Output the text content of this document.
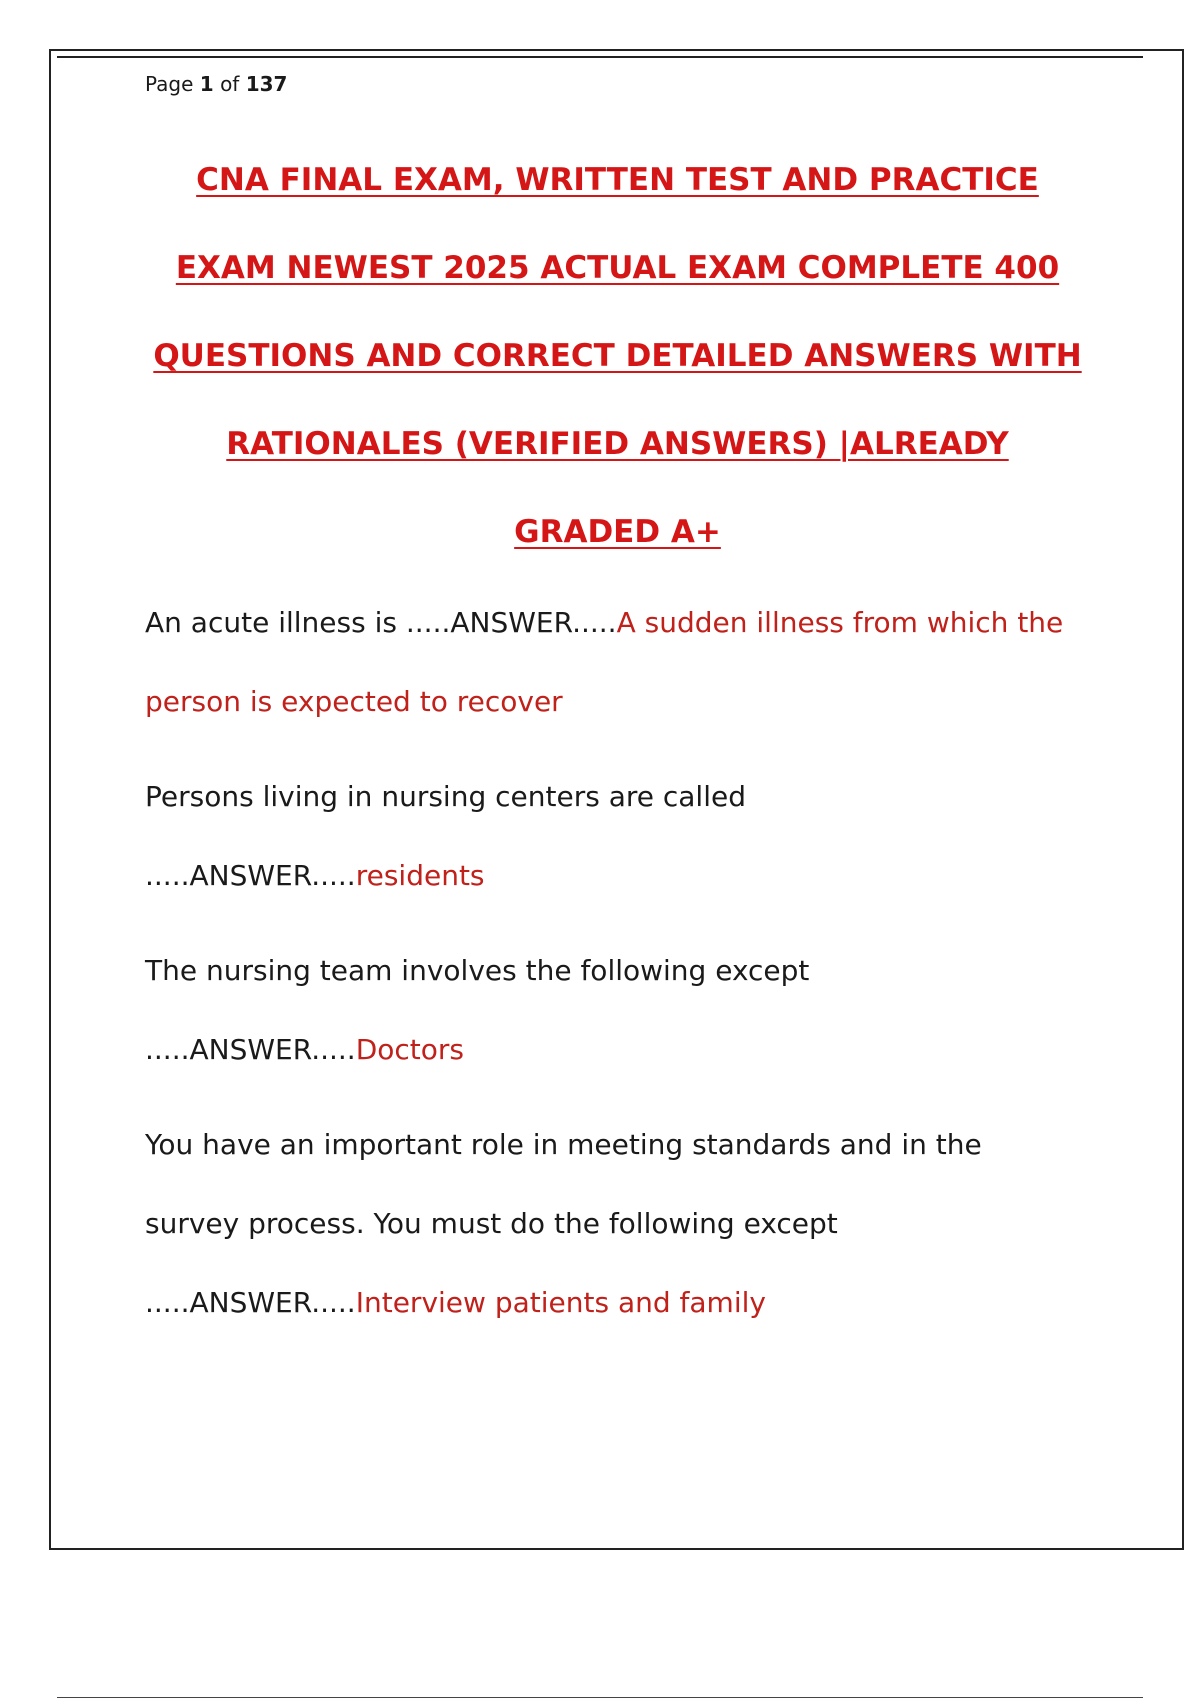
Page 1 of 137
CNA FINAL EXAM, WRITTEN TEST AND PRACTICE
EXAM NEWEST 2025 ACTUAL EXAM COMPLETE 400
QUESTIONS AND CORRECT DETAILED ANSWERS WITH
RATIONALES (VERIFIED ANSWERS) |ALREADY
GRADED A+

An acute illness is .....ANSWER.....A sudden illness from which the person is expected to recover

Persons living in nursing centers are called
.....ANSWER.....residents

The nursing team involves the following except
.....ANSWER.....Doctors

You have an important role in meeting standards and in the survey process. You must do the following except
.....ANSWER.....Interview patients and family
